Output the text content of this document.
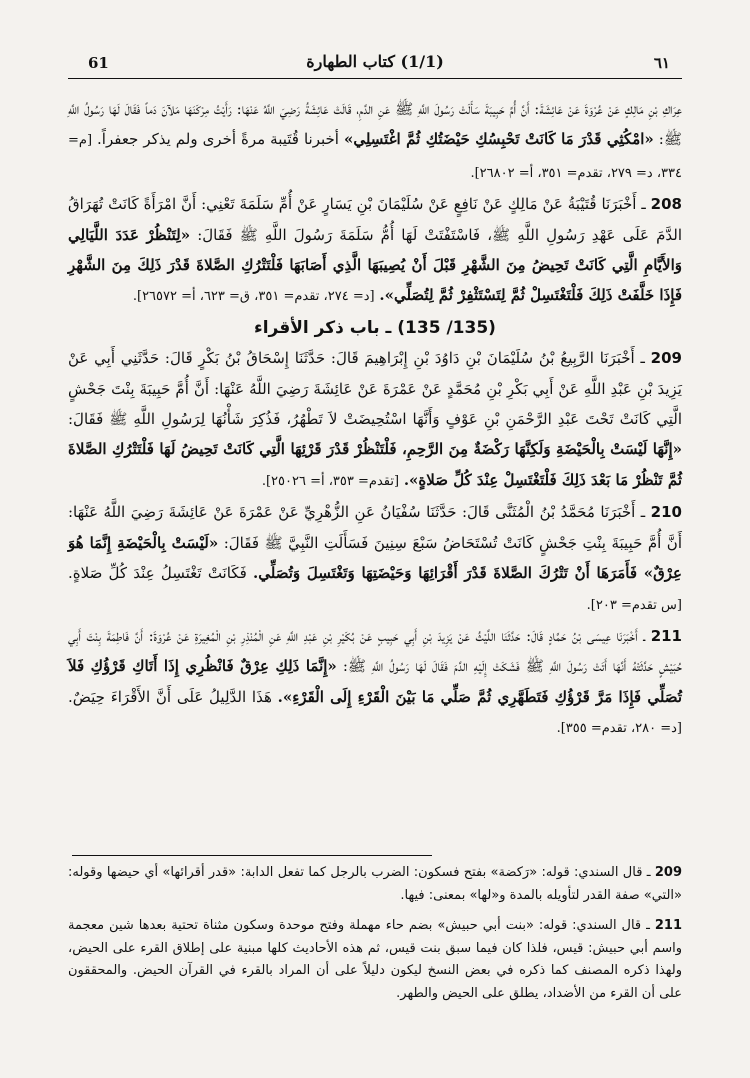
61	(1/1) كتاب الطهارة	٦١

عِرَاكِ بْنِ مَالِكٍ عَنْ عُرْوَةَ عَنْ عَائِشَةَ: أَنَّ أُمَّ حَبِيبَةَ سَأَلَتْ رَسُولَ اللَّهِ ﷺ عَنِ الدَّمِ، قَالَتْ عَائِشَةُ رَضِيَ اللَّهُ عَنْهَا: رَأَيْتُ مِرْكَنَهَا مَلآنَ دَماً فَقَالَ لَهَا رَسُولُ اللَّهِ ﷺ: «امْكُثِي قَدْرَ مَا كَانَتْ تَحْبِسُكِ حَيْضَتُكِ ثُمَّ اغْتَسِلِي» أخبرنا قُتَيبة مرةً أخرى ولم يذكر جعفراً. [م= ٣٣٤، د= ٢٧٩، تقدم= ٣٥١، أ= ٢٦٨٠٢].

208 ـ أَخْبَرَنَا قُتَيْبَةُ عَنْ مَالِكٍ عَنْ نَافِعٍ عَنْ سُلَيْمَانَ بْنِ يَسَارٍ عَنْ أُمِّ سَلَمَةَ تَعْنِي: أَنَّ امْرَأَةً كَانَتْ تُهَرَاقُ الدَّمَ عَلَى عَهْدِ رَسُولِ اللَّهِ ﷺ، فَاسْتَفْتَتْ لَهَا أُمُّ سَلَمَةَ رَسُولَ اللَّهِ ﷺ فَقَالَ: «لِتَنْظُرْ عَدَدَ اللَّيَالِي وَالأَيَّامِ الَّتِي كَانَتْ تَحِيضُ مِنَ الشَّهْرِ قَبْلَ أَنْ يُصِيبَهَا الَّذِي أَصَابَهَا فَلْتَتْرُكِ الصَّلاةَ قَدْرَ ذَلِكَ مِنَ الشَّهْرِ فَإِذَا خَلَّفَتْ ذَلِكَ فَلْتَغْتَسِلْ ثُمَّ لِتَسْتَثْفِرْ ثُمَّ لِتُصَلِّي». [د= ٢٧٤، تقدم= ٣٥١، ق= ٦٢٣، أ= ٢٦٥٧٢].

(135/ 135) ـ باب ذكر الأقراء

209 ـ أَخْبَرَنَا الرَّبِيعُ بْنُ سُلَيْمَانَ بْنِ دَاوُدَ بْنِ إِبْرَاهِيمَ قَالَ: حَدَّثَنَا إِسْحَاقُ بْنُ بَكْرٍ قَالَ: حَدَّثَنِي أَبِي عَنْ يَزِيدَ بْنِ عَبْدِ اللَّهِ عَنْ أَبِي بَكْرِ بْنِ مُحَمَّدٍ عَنْ عَمْرَةَ عَنْ عَائِشَةَ رَضِيَ اللَّهُ عَنْهَا: أَنَّ أُمَّ حَبِيبَةَ بِنْتَ جَحْشٍ الَّتِي كَانَتْ تَحْتَ عَبْدِ الرَّحْمَنِ بْنِ عَوْفٍ وَأَنَّهَا اسْتُحِيضَتْ لاَ تَطْهُرُ، فَذُكِرَ شَأْنُهَا لِرَسُولِ اللَّهِ ﷺ فَقَالَ: «إِنَّهَا لَيْسَتْ بِالْحَيْضَةِ وَلَكِنَّهَا رَكْضَةٌ مِنَ الرَّحِمِ، فَلْتَنْظُرْ قَدْرَ قَرْئِهَا الَّتِي كَانَتْ تَحِيضُ لَهَا فَلْتَتْرُكِ الصَّلاةَ ثُمَّ تَنْظُرْ مَا بَعْدَ ذَلِكَ فَلْتَغْتَسِلْ عِنْدَ كُلِّ صَلاةٍ». [تقدم= ٣٥٣، أ= ٢٥٠٢٦].

210 ـ أَخْبَرَنَا مُحَمَّدُ بْنُ الْمُثَنَّى قَالَ: حَدَّثَنَا سُفْيَانُ عَنِ الزُّهْرِيِّ عَنْ عَمْرَةَ عَنْ عَائِشَةَ رَضِيَ اللَّهُ عَنْهَا: أَنَّ أُمَّ حَبِيبَةَ بِنْتِ جَحْشٍ كَانَتْ تُسْتَحَاضُ سَبْعَ سِنِينَ فَسَأَلَتِ النَّبِيَّ ﷺ فَقَالَ: «لَيْسَتْ بِالْحَيْضَةِ إِنَّمَا هُوَ عِرْقٌ» فَأَمَرَهَا أَنْ تَتْرُكَ الصَّلاةَ قَدْرَ أَقْرَائِهَا وَحَيْضَتِهَا وَتَغْتَسِلَ وَتُصَلِّي. فَكَانَتْ تَغْتَسِلُ عِنْدَ كُلِّ صَلاةٍ. [س تقدم= ٢٠٣].

211 ـ أَخْبَرَنَا عِيسَى بْنُ حَمَّادٍ قَالَ: حَدَّثَنَا اللَّيْثُ عَنْ يَزِيدَ بْنِ أَبِي حَبِيبٍ عَنْ بُكَيْرِ بْنِ عَبْدِ اللَّهِ عَنِ الْمُنْذِرِ بْنِ الْمُغِيرَةِ عَنْ عُرْوَةَ: أَنَّ فَاطِمَةَ بِنْتَ أَبِي حُبَيْشٍ حَدَّثَتْهُ أَنَّهَا أَتَتْ رَسُولَ اللَّهِ ﷺ فَشَكَتْ إِلَيْهِ الدَّمَ فَقَالَ لَهَا رَسُولُ اللَّهِ ﷺ: «إِنَّمَا ذَلِكِ عِرْقٌ فَانْظُرِي إِذَا أَتَاكِ قَرْؤُكِ فَلاَ تُصَلِّي فَإِذَا مَرَّ قَرْؤُكِ فَتَطَهَّرِي ثُمَّ صَلِّي مَا بَيْنَ الْقَرْءِ إِلَى الْقَرْءِ». هَذَا الدَّلِيلُ عَلَى أَنَّ الأَقْرَاءَ حِيَضٌ. [د= ٢٨٠، تقدم= ٣٥٥].

209 ـ قال السندي: قوله: «رَكضة» بفتح فسكون: الضرب بالرجل كما تفعل الدابة: «قدر أقرائها» أي حيضها وقوله: «التي» صفة القدر لتأويله بالمدة و«لها» بمعنى: فيها.

211 ـ قال السندي: قوله: «بنت أبي حبيش» بضم حاء مهملة وفتح موحدة وسكون مثناة تحتية بعدها شين معجمة واسم أبي حبيش: قيس، فلذا كان فيما سبق بنت قيس، ثم هذه الأحاديث كلها مبنية على إطلاق القرء على الحيض، ولهذا ذكره المصنف كما ذكره في بعض النسخ ليكون دليلاً على أن المراد بالقرء في القرآن الحيض. والمحققون على أن القرء من الأضداد، يطلق على الحيض والطهر.
